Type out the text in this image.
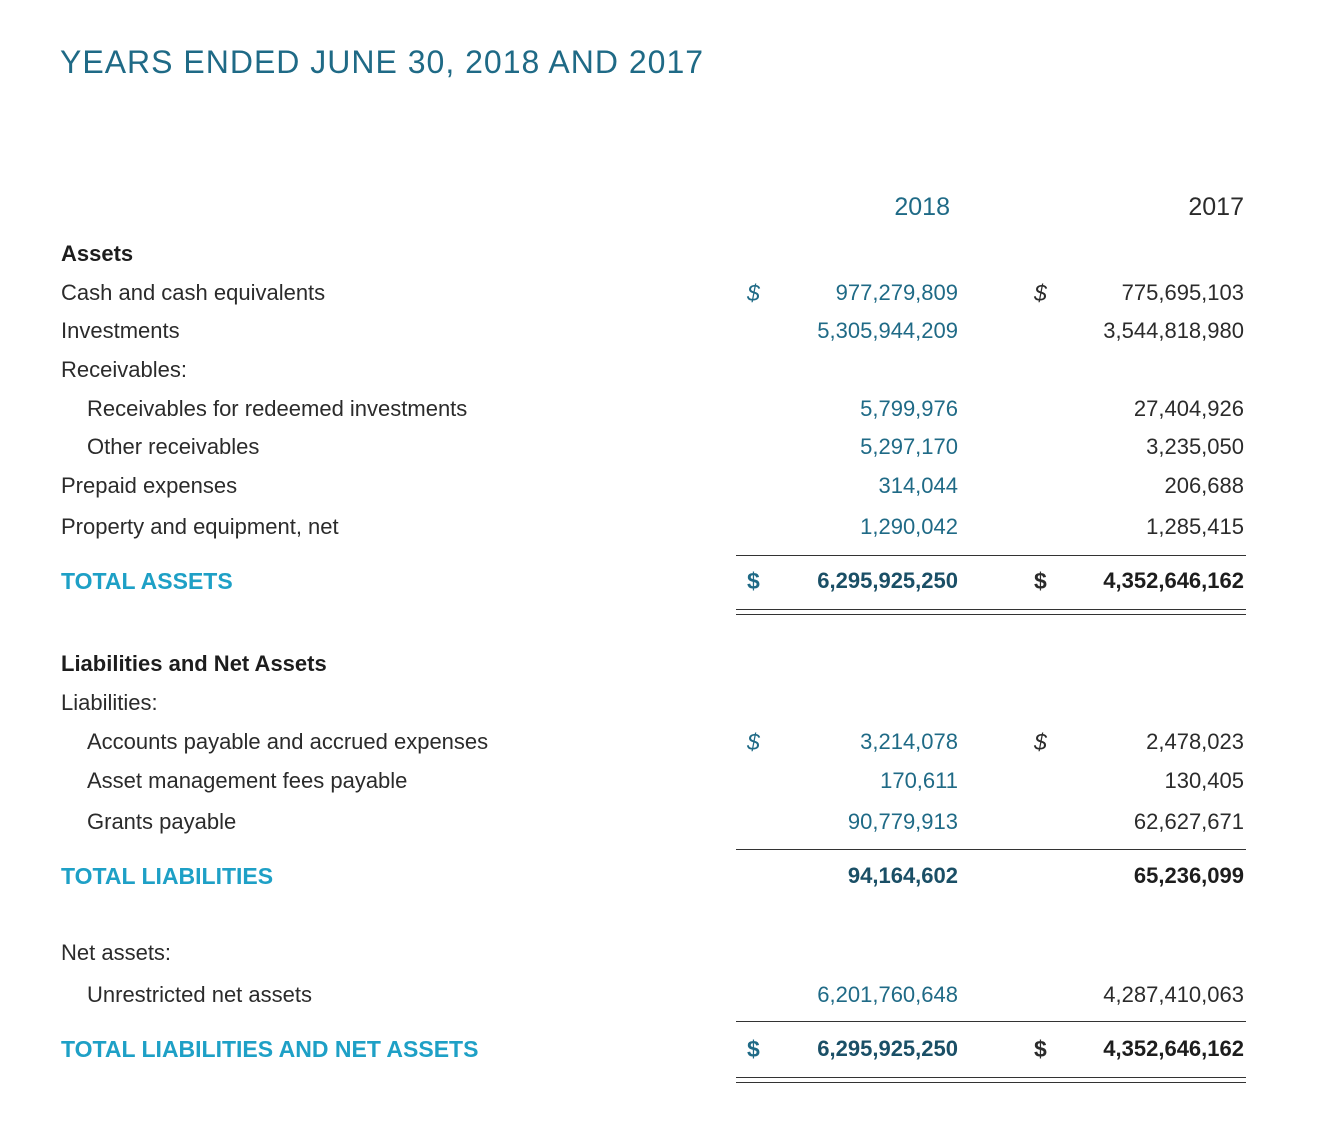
YEARS ENDED JUNE 30, 2018 AND 2017
2018	2017
Assets
Cash and cash equivalents	$	977,279,809	$	775,695,103
Investments	5,305,944,209	3,544,818,980
Receivables:
Receivables for redeemed investments	5,799,976	27,404,926
Other receivables	5,297,170	3,235,050
Prepaid expenses	314,044	206,688
Property and equipment, net	1,290,042	1,285,415
TOTAL ASSETS	$	6,295,925,250	$	4,352,646,162
Liabilities and Net Assets
Liabilities:
Accounts payable and accrued expenses	$	3,214,078	$	2,478,023
Asset management fees payable	170,611	130,405
Grants payable	90,779,913	62,627,671
TOTAL LIABILITIES	94,164,602	65,236,099
Net assets:
Unrestricted net assets	6,201,760,648	4,287,410,063
TOTAL LIABILITIES AND NET ASSETS	$	6,295,925,250	$	4,352,646,162
